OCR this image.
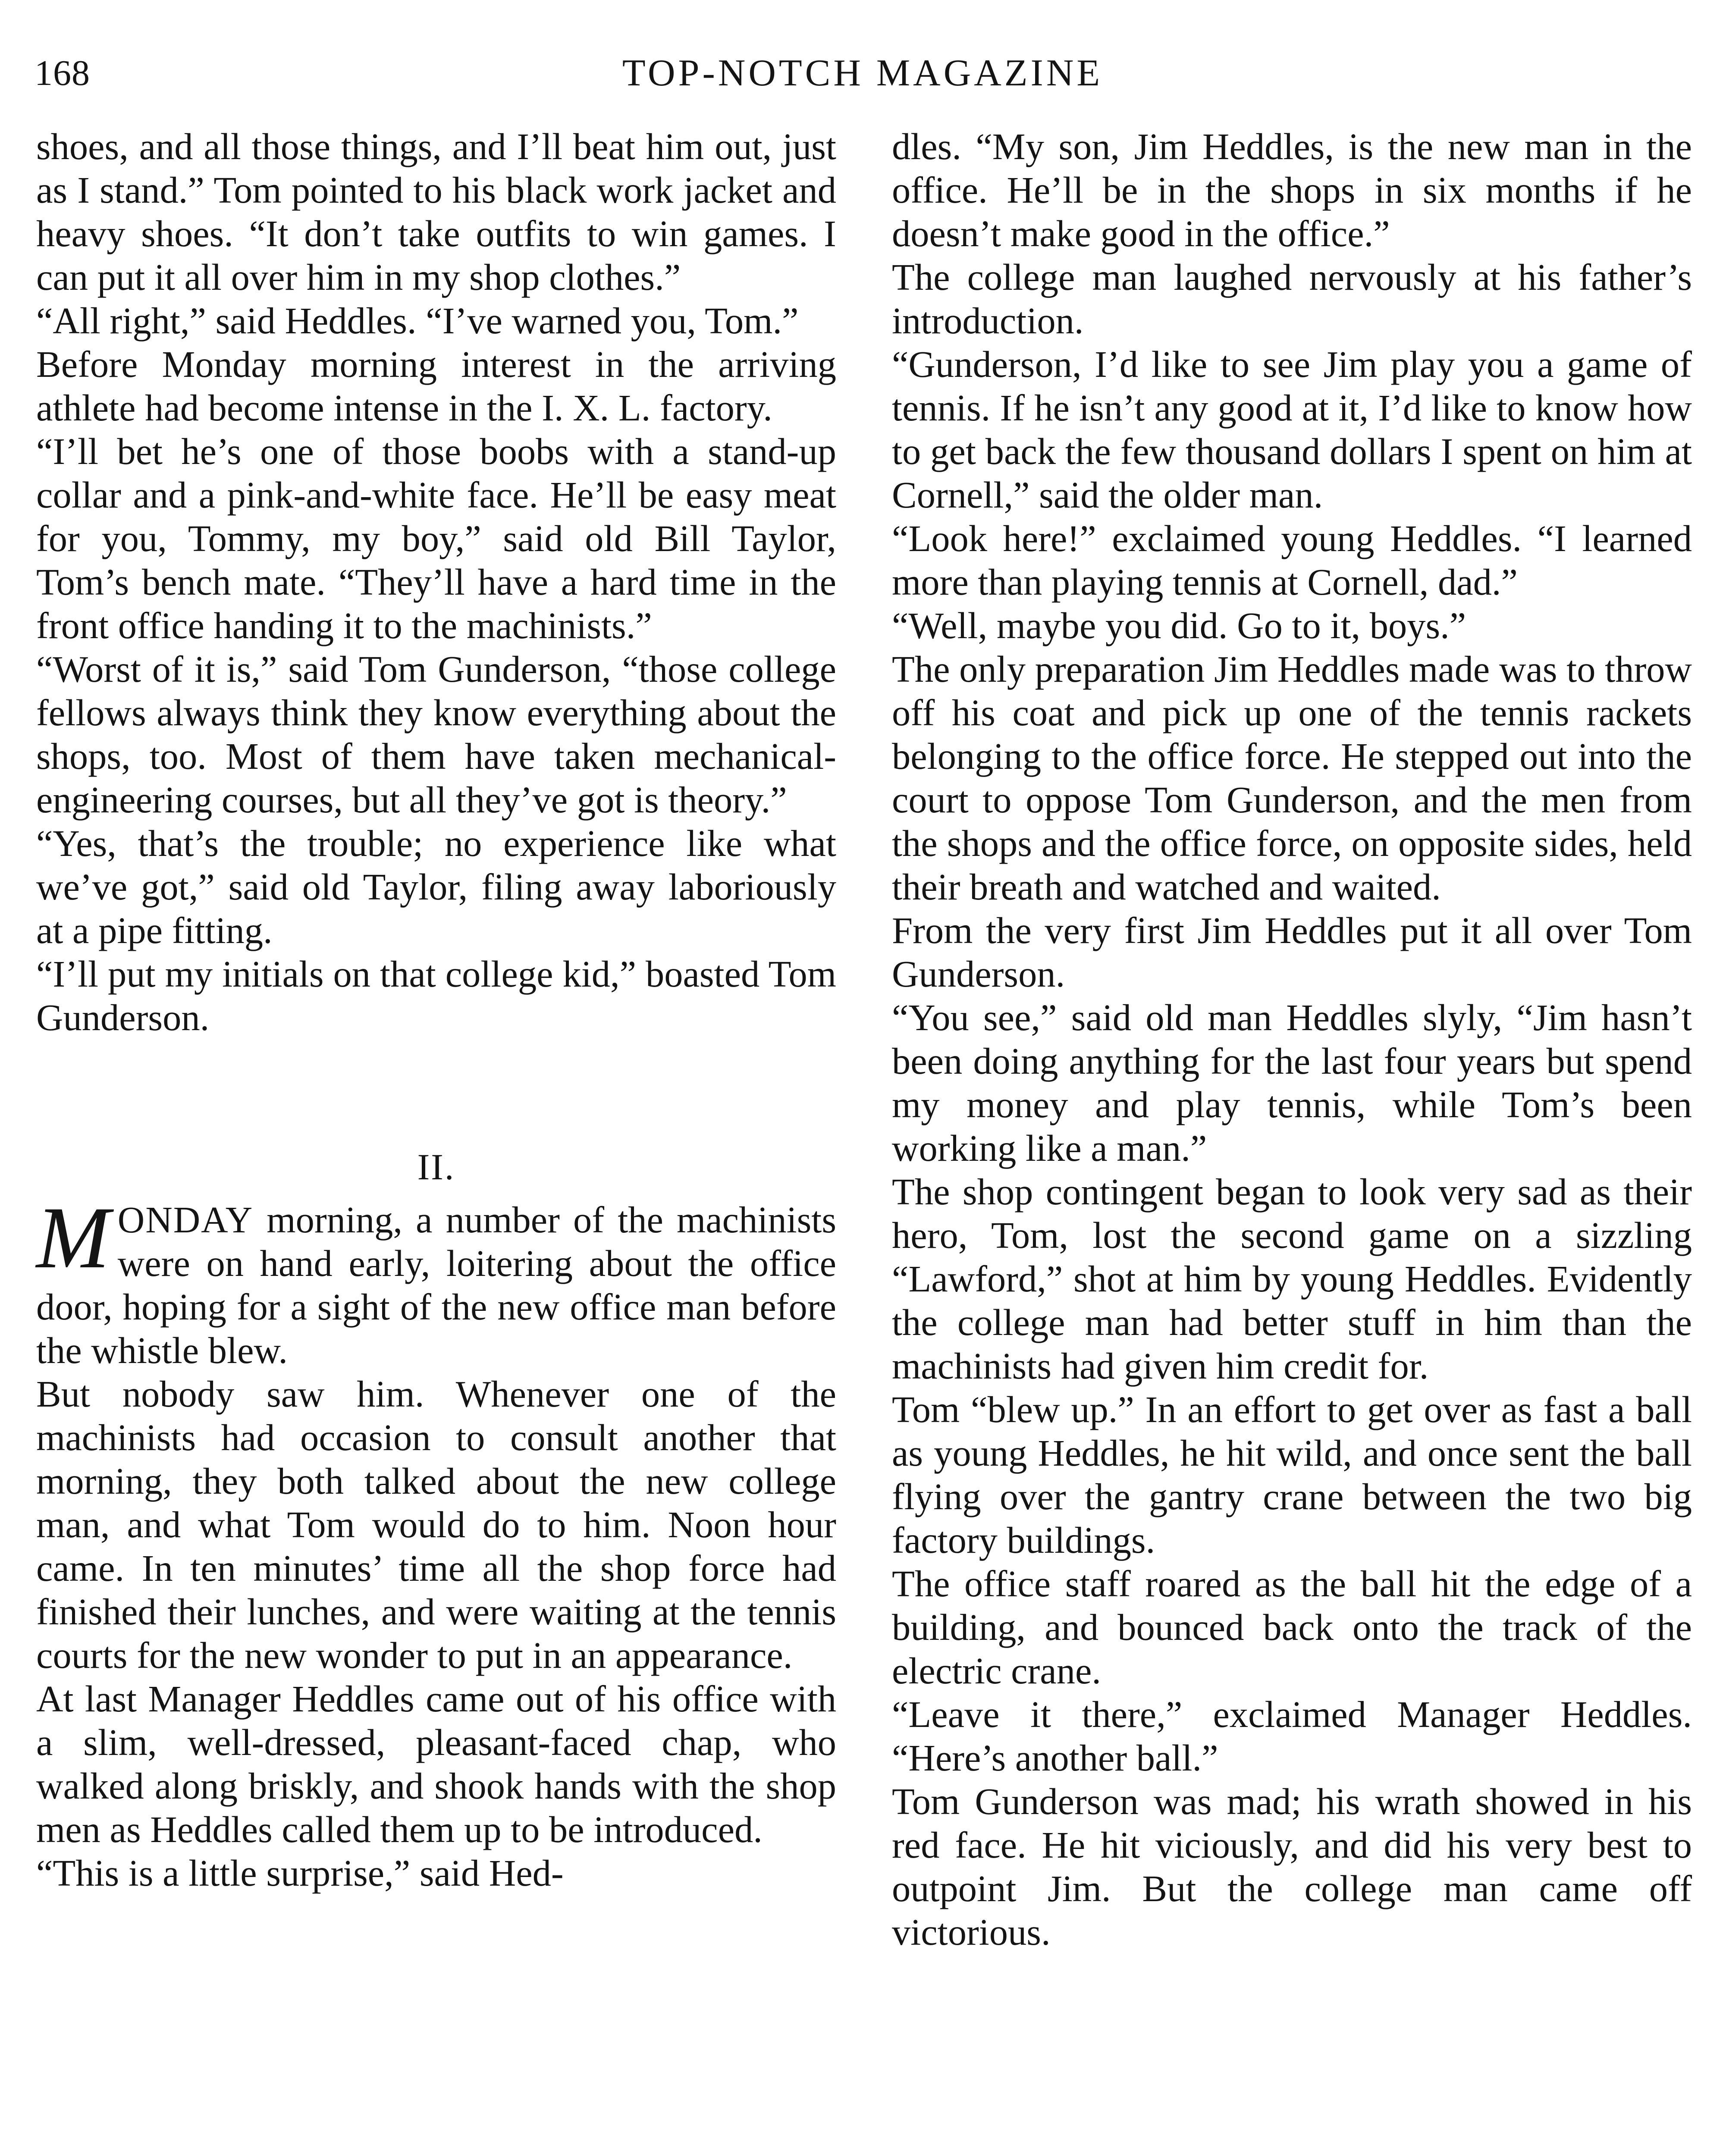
168	TOP-NOTCH MAGAZINE

shoes, and all those things, and I’ll beat him out, just as I stand.” Tom pointed to his black work jacket and heavy shoes. “It don’t take outfits to win games. I can put it all over him in my shop clothes.”

“All right,” said Heddles. “I’ve warned you, Tom.”

Before Monday morning interest in the arriving athlete had become intense in the I. X. L. factory.

“I’ll bet he’s one of those boobs with a stand-up collar and a pink-and-white face. He’ll be easy meat for you, Tommy, my boy,” said old Bill Taylor, Tom’s bench mate. “They’ll have a hard time in the front office handing it to the machinists.”

“Worst of it is,” said Tom Gunderson, “those college fellows always think they know everything about the shops, too. Most of them have taken mechanical-engineering courses, but all they’ve got is theory.”

“Yes, that’s the trouble; no experience like what we’ve got,” said old Taylor, filing away laboriously at a pipe fitting.

“I’ll put my initials on that college kid,” boasted Tom Gunderson.

II.

MONDAY morning, a number of the machinists were on hand early, loitering about the office door, hoping for a sight of the new office man before the whistle blew.

But nobody saw him. Whenever one of the machinists had occasion to consult another that morning, they both talked about the new college man, and what Tom would do to him. Noon hour came. In ten minutes’ time all the shop force had finished their lunches, and were waiting at the tennis courts for the new wonder to put in an appearance.

At last Manager Heddles came out of his office with a slim, well-dressed, pleasant-faced chap, who walked along briskly, and shook hands with the shop men as Heddles called them up to be introduced.

“This is a little surprise,” said Hed-

dles. “My son, Jim Heddles, is the new man in the office. He’ll be in the shops in six months if he doesn’t make good in the office.”

The college man laughed nervously at his father’s introduction.

“Gunderson, I’d like to see Jim play you a game of tennis. If he isn’t any good at it, I’d like to know how to get back the few thousand dollars I spent on him at Cornell,” said the older man.

“Look here!” exclaimed young Heddles. “I learned more than playing tennis at Cornell, dad.”

“Well, maybe you did. Go to it, boys.”

The only preparation Jim Heddles made was to throw off his coat and pick up one of the tennis rackets belonging to the office force. He stepped out into the court to oppose Tom Gunderson, and the men from the shops and the office force, on opposite sides, held their breath and watched and waited.

From the very first Jim Heddles put it all over Tom Gunderson.

“You see,” said old man Heddles slyly, “Jim hasn’t been doing anything for the last four years but spend my money and play tennis, while Tom’s been working like a man.”

The shop contingent began to look very sad as their hero, Tom, lost the second game on a sizzling “Lawford,” shot at him by young Heddles. Evidently the college man had better stuff in him than the machinists had given him credit for.

Tom “blew up.” In an effort to get over as fast a ball as young Heddles, he hit wild, and once sent the ball flying over the gantry crane between the two big factory buildings.

The office staff roared as the ball hit the edge of a building, and bounced back onto the track of the electric crane.

“Leave it there,” exclaimed Manager Heddles. “Here’s another ball.”

Tom Gunderson was mad; his wrath showed in his red face. He hit viciously, and did his very best to outpoint Jim. But the college man came off victorious.
